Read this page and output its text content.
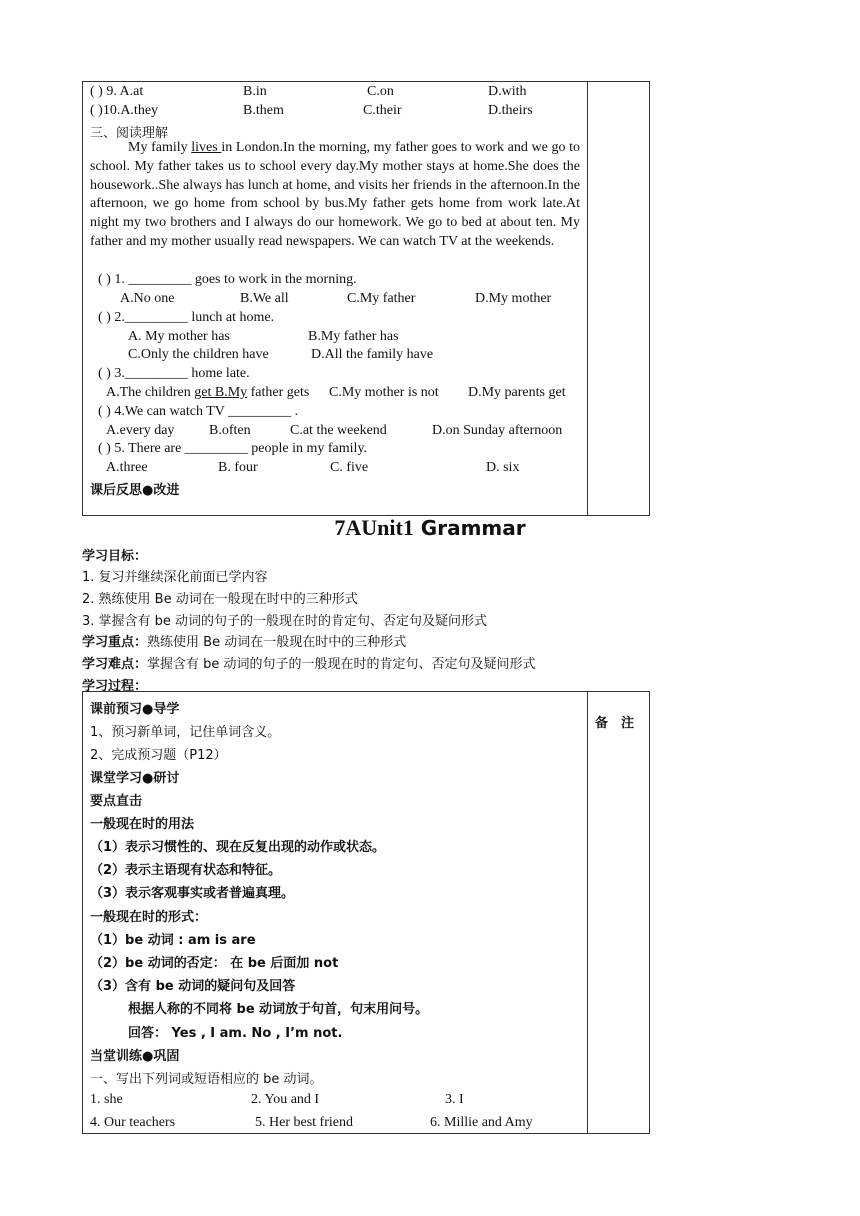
( ) 9. A.at	B.in	C.on	D.with
( )10.A.they	B.them	C.their	D.theirs
三、阅读理解
My family lives in London.In the morning, my father goes to work and we go to school. My father takes us to school every day.My mother stays at home.She does the housework..She always has lunch at home, and visits her friends in the afternoon.In the afternoon, we go home from school by bus.My father gets home from work late.At night my two brothers and I always do our homework. We go to bed at about ten. My father and my mother usually read newspapers. We can watch TV at the weekends.
( ) 1. _________ goes to work in the morning.
A.No one	B.We all	C.My father	D.My mother
( ) 2._________ lunch at home.
A. My mother has	B.My father has
C.Only the children have	D.All the family have
( ) 3._________ home late.
A.The children get B.My father gets C.My mother is not D.My parents get
( ) 4.We can watch TV _________ .
A.every day B.often	C.at the weekend	D.on Sunday afternoon
( ) 5. There are _________ people in my family.
A.three	B. four	C. five	D. six
课后反思●改进
7AUnit1 Grammar
学习目标：
1. 复习并继续深化前面已学内容
2. 熟练使用 Be 动词在一般现在时中的三种形式
3. 掌握含有 be 动词的句子的一般现在时的肯定句、否定句及疑问形式
学习重点：熟练使用 Be 动词在一般现在时中的三种形式
学习难点：掌握含有 be 动词的句子的一般现在时的肯定句、否定句及疑问形式
学习过程：
备　注
课前预习●导学
1、预习新单词，记住单词含义。
2、完成预习题（P12）
课堂学习●研讨
要点直击
一般现在时的用法
（1）表示习惯性的、现在反复出现的动作或状态。
（2）表示主语现有状态和特征。
（3）表示客观事实或者普遍真理。
一般现在时的形式：
（1）be 动词 : am is are
（2）be 动词的否定： 在 be 后面加 not
（3）含有 be 动词的疑问句及回答
根据人称的不同将 be 动词放于句首，句末用问号。
回答： Yes , I am. No , I’m not.
当堂训练●巩固
一、写出下列词或短语相应的 be 动词。
1. she	2. You and I	3. I
4. Our teachers	5. Her best friend	6. Millie and Amy
